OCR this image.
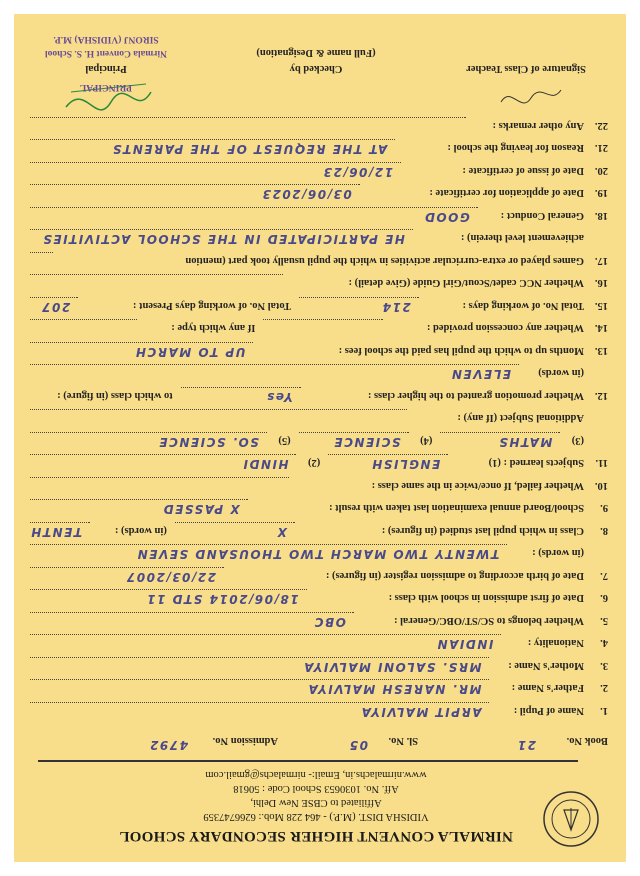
NIRMALA CONVENT HIGHER SECONDARY SCHOOL
VIDISHA DIST. (M.P.) - 464 228 Mob.: 6266747359
Affiliated to CBSE New Delhi,
Aff. No. 1030653 School Code : 50618
www.nirmalachs.in, Email:- nirmalachs@gmail.com
Book No.
21
Sl. No.
05
Admission No.
4792
1.
Name of Pupil :
ARPIT MALVIYA
2.
Father's Name :
MR. NARESH MALVIYA
3.
Mother's Name :
MRS. SALONI MALVIYA
4.
Nationality :
INDIAN
5.
Whether belongs to SC/ST/OBC/General :
OBC
6.
Date of first admission in school with class :
18/06/2014 STD 11
7.
Date of birth according to admission register (in figures) :
22/03/2007
(in words) :
TWENTY TWO MARCH TWO THOUSAND SEVEN
8.
Class in which pupil last studied (in figures) :
X
(in words) :
TENTH
9.
School/Board annual examination last taken with result :
X PASSED
10.
Whether failed, If once/twice in the same class :
11.
Subjects learned : (1)
ENGLISH
(2)
HINDI
(3)
MATHS
(4)
SCIENCE
(5)
SO. SCIENCE
Additional Subject (If any) :
12.
Whether promotion granted to the higher class :
Yes
to which class (in figure) :
(in words)
ELEVEN
13.
Months up to which the pupil has paid the school fees :
UP TO MARCH
14.
Whether any concession provided :
If any which type :
15.
Total No. of working days :
214
Total No. of working days Present :
207
16.
Whether NCC cadet/Scout/Girl Guide (Give detail) :
17.
Games played or extra-curricular activities in which the pupil usually took part (mention
achievement level therein) :
HE PARTICIPATED IN THE SCHOOL ACTIVITIES
18.
General Conduct :
GOOD
19.
Date of application for certificate :
03/06/2023
20.
Date of issue of certificate :
12/06/23
21.
Reason for leaving the school :
AT THE REQUEST OF THE PARENTS
22.
Any other remarks :
Signature of Class Teacher
Checked by
(Full name & Designation)
Principal
PRINCIPAL
Nirmala Convent H. S. School
SIRONJ (VIDISHA) M.P.
